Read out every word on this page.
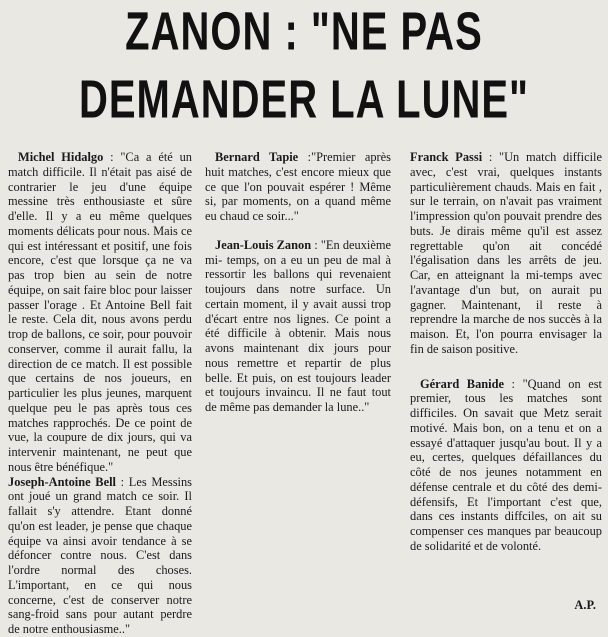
ZANON : "NE PAS
DEMANDER LA LUNE"

Michel Hidalgo : "Ca a été un match difficile. Il n'était pas aisé de contrarier le jeu d'une équipe messine très enthousiaste et sûre d'elle. Il y a eu même quelques moments délicats pour nous. Mais ce qui est intéressant et positif, une fois encore, c'est que lorsque ça ne va pas trop bien au sein de notre équipe, on sait faire bloc pour laisser passer l'orage . Et Antoine Bell fait le reste. Cela dit, nous avons perdu trop de ballons, ce soir, pour pouvoir conserver, comme il aurait fallu, la direction de ce match. Il est possible que certains de nos joueurs, en particulier les plus jeunes, marquent quelque peu le pas après tous ces matches rapprochés. De ce point de vue, la coupure de dix jours, qui va intervenir maintenant, ne peut que nous être bénéfique."

Joseph-Antoine Bell : Les Messins ont joué un grand match ce soir. Il fallait s'y attendre. Etant donné qu'on est leader, je pense que chaque équipe va ainsi avoir tendance à se défoncer contre nous. C'est dans l'ordre normal des choses. L'important, en ce qui nous concerne, c'est de conserver notre sang-froid sans pour autant perdre de notre enthousiasme.."

Bernard Tapie :"Premier après huit matches, c'est encore mieux que ce que l'on pouvait espérer ! Même si, par moments, on a quand même eu chaud ce soir..."

Jean-Louis Zanon : "En deuxième mi- temps, on a eu un peu de mal à ressortir les ballons qui revenaient toujours dans notre surface. Un certain moment, il y avait aussi trop d'écart entre nos lignes. Ce point a été difficile à obtenir. Mais nous avons maintenant dix jours pour nous remettre et repartir de plus belle. Et puis, on est toujours leader et toujours invaincu. Il ne faut tout de même pas demander la lune.."

Franck Passi : "Un match difficile avec, c'est vrai, quelques instants particulièrement chauds. Mais en fait , sur le terrain, on n'avait pas vraiment l'impression qu'on pouvait prendre des buts. Je dirais même qu'il est assez regrettable qu'on ait concédé l'égalisation dans les arrêts de jeu. Car, en atteignant la mi-temps avec l'avantage d'un but, on aurait pu gagner. Maintenant, il reste à reprendre la marche de nos succès à la maison. Et, l'on pourra envisager la fin de saison positive.

Gérard Banide : "Quand on est premier, tous les matches sont difficiles. On savait que Metz serait motivé. Mais bon, on a tenu et on a essayé d'attaquer jusqu'au bout. Il y a eu, certes, quelques défaillances du côté de nos jeunes notamment en défense centrale et du côté des demi-défensifs, Et l'important c'est que, dans ces instants diffciles, on ait su compenser ces manques par beaucoup de solidarité et de volonté.

A.P.
